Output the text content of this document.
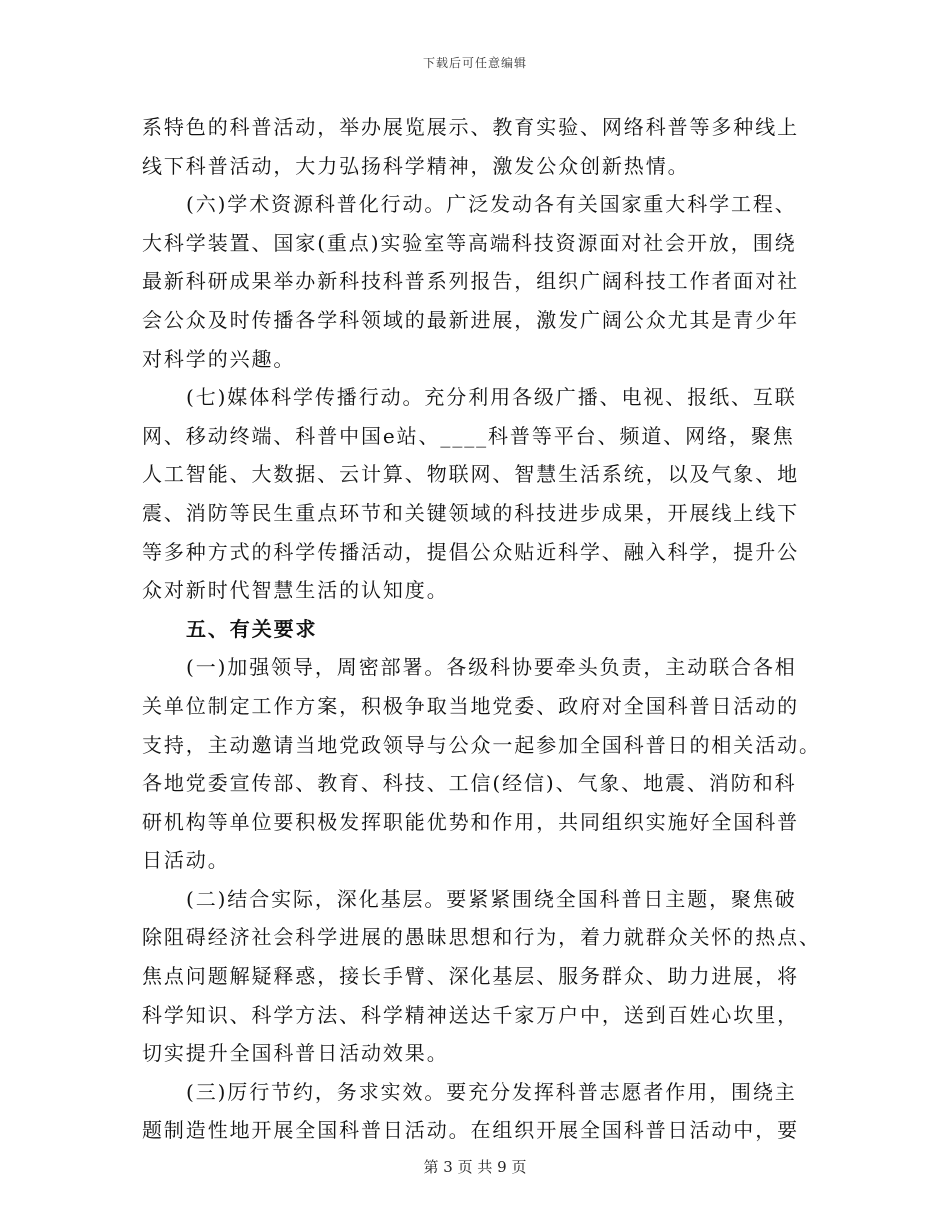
下载后可任意编辑
系特色的科普活动，举办展览展示、教育实验、网络科普等多种线上
线下科普活动，大力弘扬科学精神，激发公众创新热情。
(六)学术资源科普化行动。广泛发动各有关国家重大科学工程、
大科学装置、国家(重点)实验室等高端科技资源面对社会开放，围绕
最新科研成果举办新科技科普系列报告，组织广阔科技工作者面对社
会公众及时传播各学科领域的最新进展，激发广阔公众尤其是青少年
对科学的兴趣。
(七)媒体科学传播行动。充分利用各级广播、电视、报纸、互联
网、移动终端、科普中国e站、____科普等平台、频道、网络，聚焦
人工智能、大数据、云计算、物联网、智慧生活系统，以及气象、地
震、消防等民生重点环节和关键领域的科技进步成果，开展线上线下
等多种方式的科学传播活动，提倡公众贴近科学、融入科学，提升公
众对新时代智慧生活的认知度。
五、有关要求
(一)加强领导，周密部署。各级科协要牵头负责，主动联合各相
关单位制定工作方案，积极争取当地党委、政府对全国科普日活动的
支持，主动邀请当地党政领导与公众一起参加全国科普日的相关活动。
各地党委宣传部、教育、科技、工信(经信)、气象、地震、消防和科
研机构等单位要积极发挥职能优势和作用，共同组织实施好全国科普
日活动。
(二)结合实际，深化基层。要紧紧围绕全国科普日主题，聚焦破
除阻碍经济社会科学进展的愚昧思想和行为，着力就群众关怀的热点、
焦点问题解疑释惑，接长手臂、深化基层、服务群众、助力进展，将
科学知识、科学方法、科学精神送达千家万户中，送到百姓心坎里，
切实提升全国科普日活动效果。
(三)厉行节约，务求实效。要充分发挥科普志愿者作用，围绕主
题制造性地开展全国科普日活动。在组织开展全国科普日活动中，要
第 3 页 共 9 页
